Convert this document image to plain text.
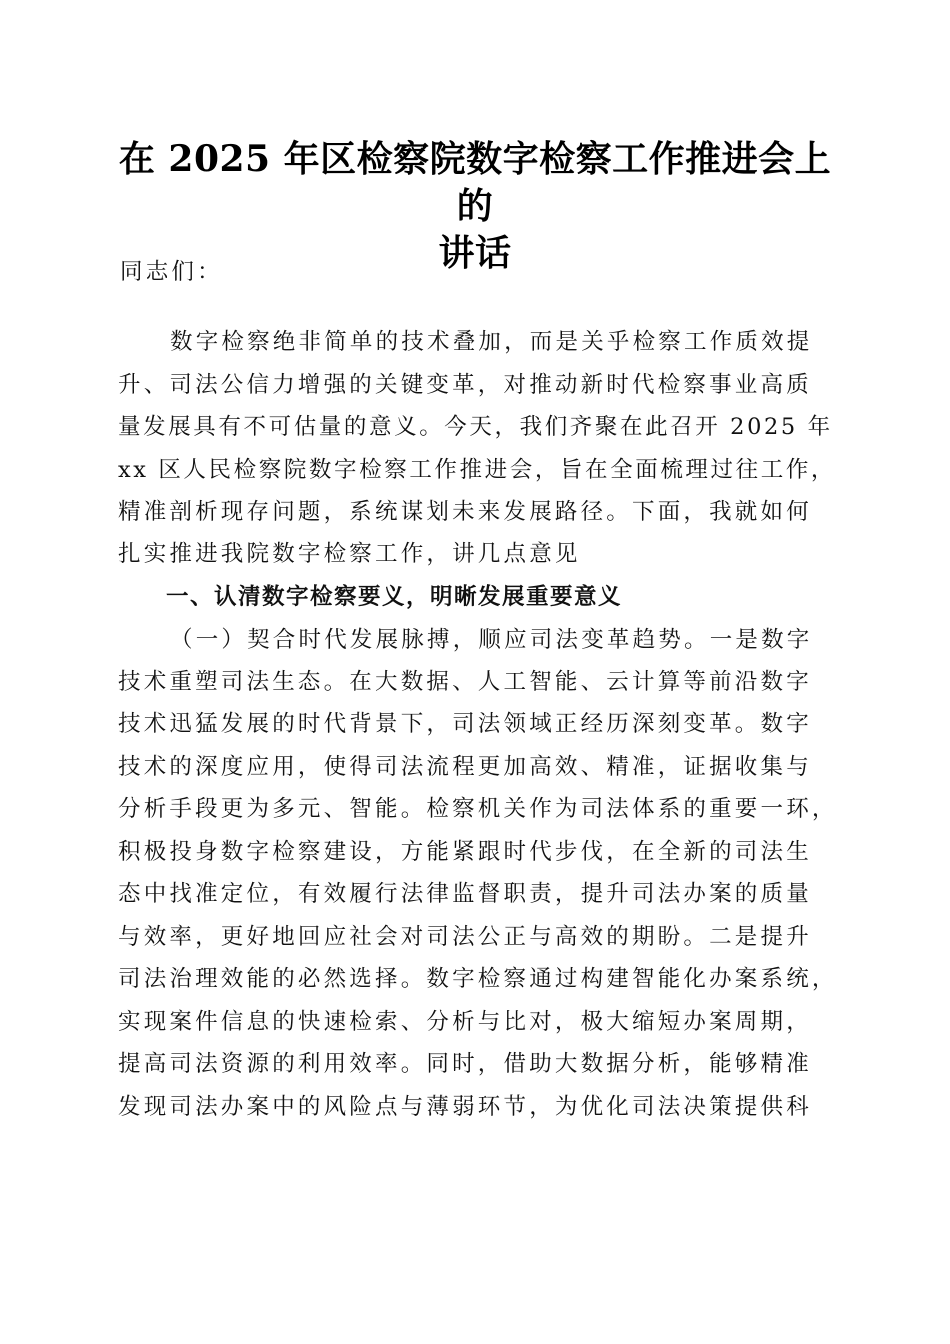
在 2025 年区检察院数字检察工作推进会上的
讲话
同志们：
数字检察绝非简单的技术叠加，而是关乎检察工作质效提
升、司法公信力增强的关键变革，对推动新时代检察事业高质
量发展具有不可估量的意义。今天，我们齐聚在此召开 2025 年
xx 区人民检察院数字检察工作推进会，旨在全面梳理过往工作，
精准剖析现存问题，系统谋划未来发展路径。下面，我就如何
扎实推进我院数字检察工作，讲几点意见
一、认清数字检察要义，明晰发展重要意义
（一）契合时代发展脉搏，顺应司法变革趋势。一是数字
技术重塑司法生态。在大数据、人工智能、云计算等前沿数字
技术迅猛发展的时代背景下，司法领域正经历深刻变革。数字
技术的深度应用，使得司法流程更加高效、精准，证据收集与
分析手段更为多元、智能。检察机关作为司法体系的重要一环，
积极投身数字检察建设，方能紧跟时代步伐，在全新的司法生
态中找准定位，有效履行法律监督职责，提升司法办案的质量
与效率，更好地回应社会对司法公正与高效的期盼。二是提升
司法治理效能的必然选择。数字检察通过构建智能化办案系统，
实现案件信息的快速检索、分析与比对，极大缩短办案周期，
提高司法资源的利用效率。同时，借助大数据分析，能够精准
发现司法办案中的风险点与薄弱环节，为优化司法决策提供科
